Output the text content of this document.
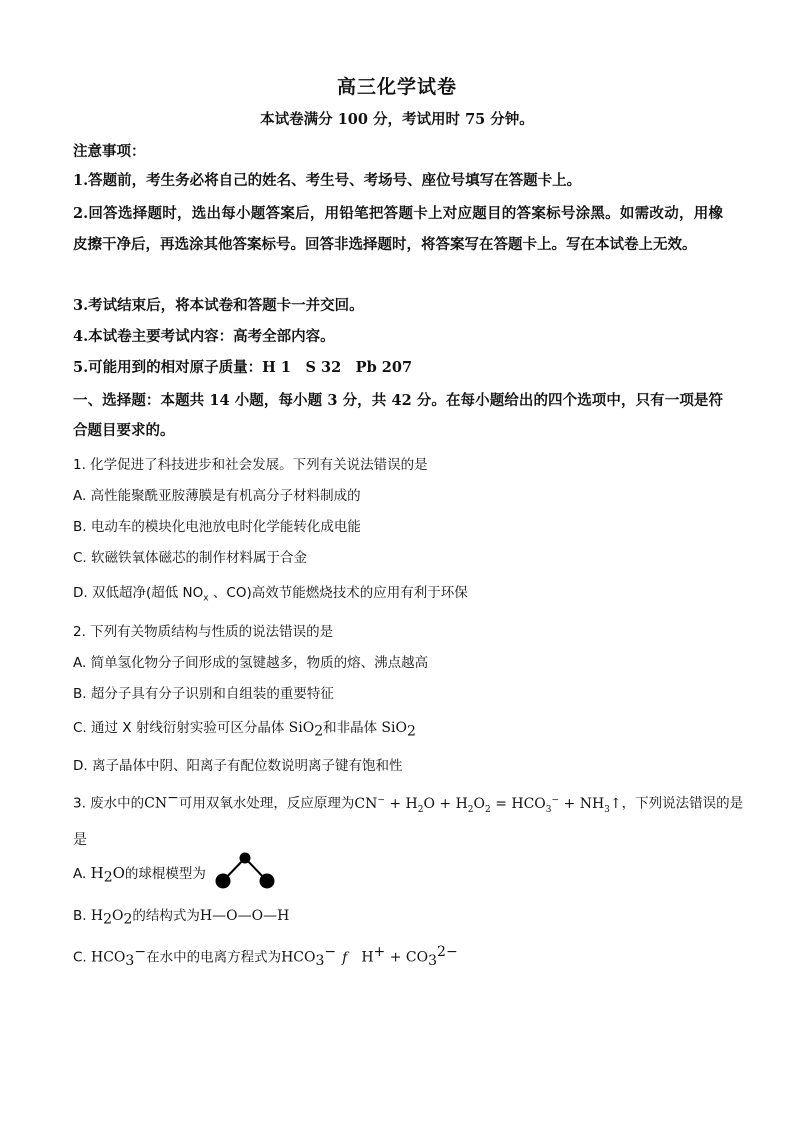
高三化学试卷
本试卷满分 100 分，考试用时 75 分钟。
注意事项：
1.答题前，考生务必将自己的姓名、考生号、考场号、座位号填写在答题卡上。
2.回答选择题时，选出每小题答案后，用铅笔把答题卡上对应题目的答案标号涂黑。如需改动，用橡皮擦干净后，再选涂其他答案标号。回答非选择题时，将答案写在答题卡上。写在本试卷上无效。
3.考试结束后，将本试卷和答题卡一并交回。
4.本试卷主要考试内容：高考全部内容。
5.可能用到的相对原子质量：H 1　S 32　Pb 207
一、选择题：本题共 14 小题，每小题 3 分，共 42 分。在每小题给出的四个选项中，只有一项是符合题目要求的。
1. 化学促进了科技进步和社会发展。下列有关说法错误的是
A. 高性能聚酰亚胺薄膜是有机高分子材料制成的
B. 电动车的模块化电池放电时化学能转化成电能
C. 软磁铁氧体磁芯的制作材料属于合金
D. 双低超净(超低 $NO_x$ 、CO)高效节能燃烧技术的应用有利于环保
2. 下列有关物质结构与性质的说法错误的是
A. 简单氢化物分子间形成的氢键越多，物质的熔、沸点越高
B. 超分子具有分子识别和自组装的重要特征
C. 通过 X 射线衍射实验可区分晶体 SiO$_2$和非晶体 SiO$_2$
D. 离子晶体中阴、阳离子有配位数说明离子键有饱和性
3. 废水中的CN−可用双氧水处理，反应原理为$CN^- + H_2O + H_2O_2 = HCO_3^-$ + $NH_3↑$，下列说法错误的是
是
A. $H_2O$的球棍模型为
B. $H_2O_2$的结构式为H—O—O—H
C. $HCO_3^-$在水中的电离方程式为$HCO_3^-$ f $H^+ + CO_3^{2-}$
